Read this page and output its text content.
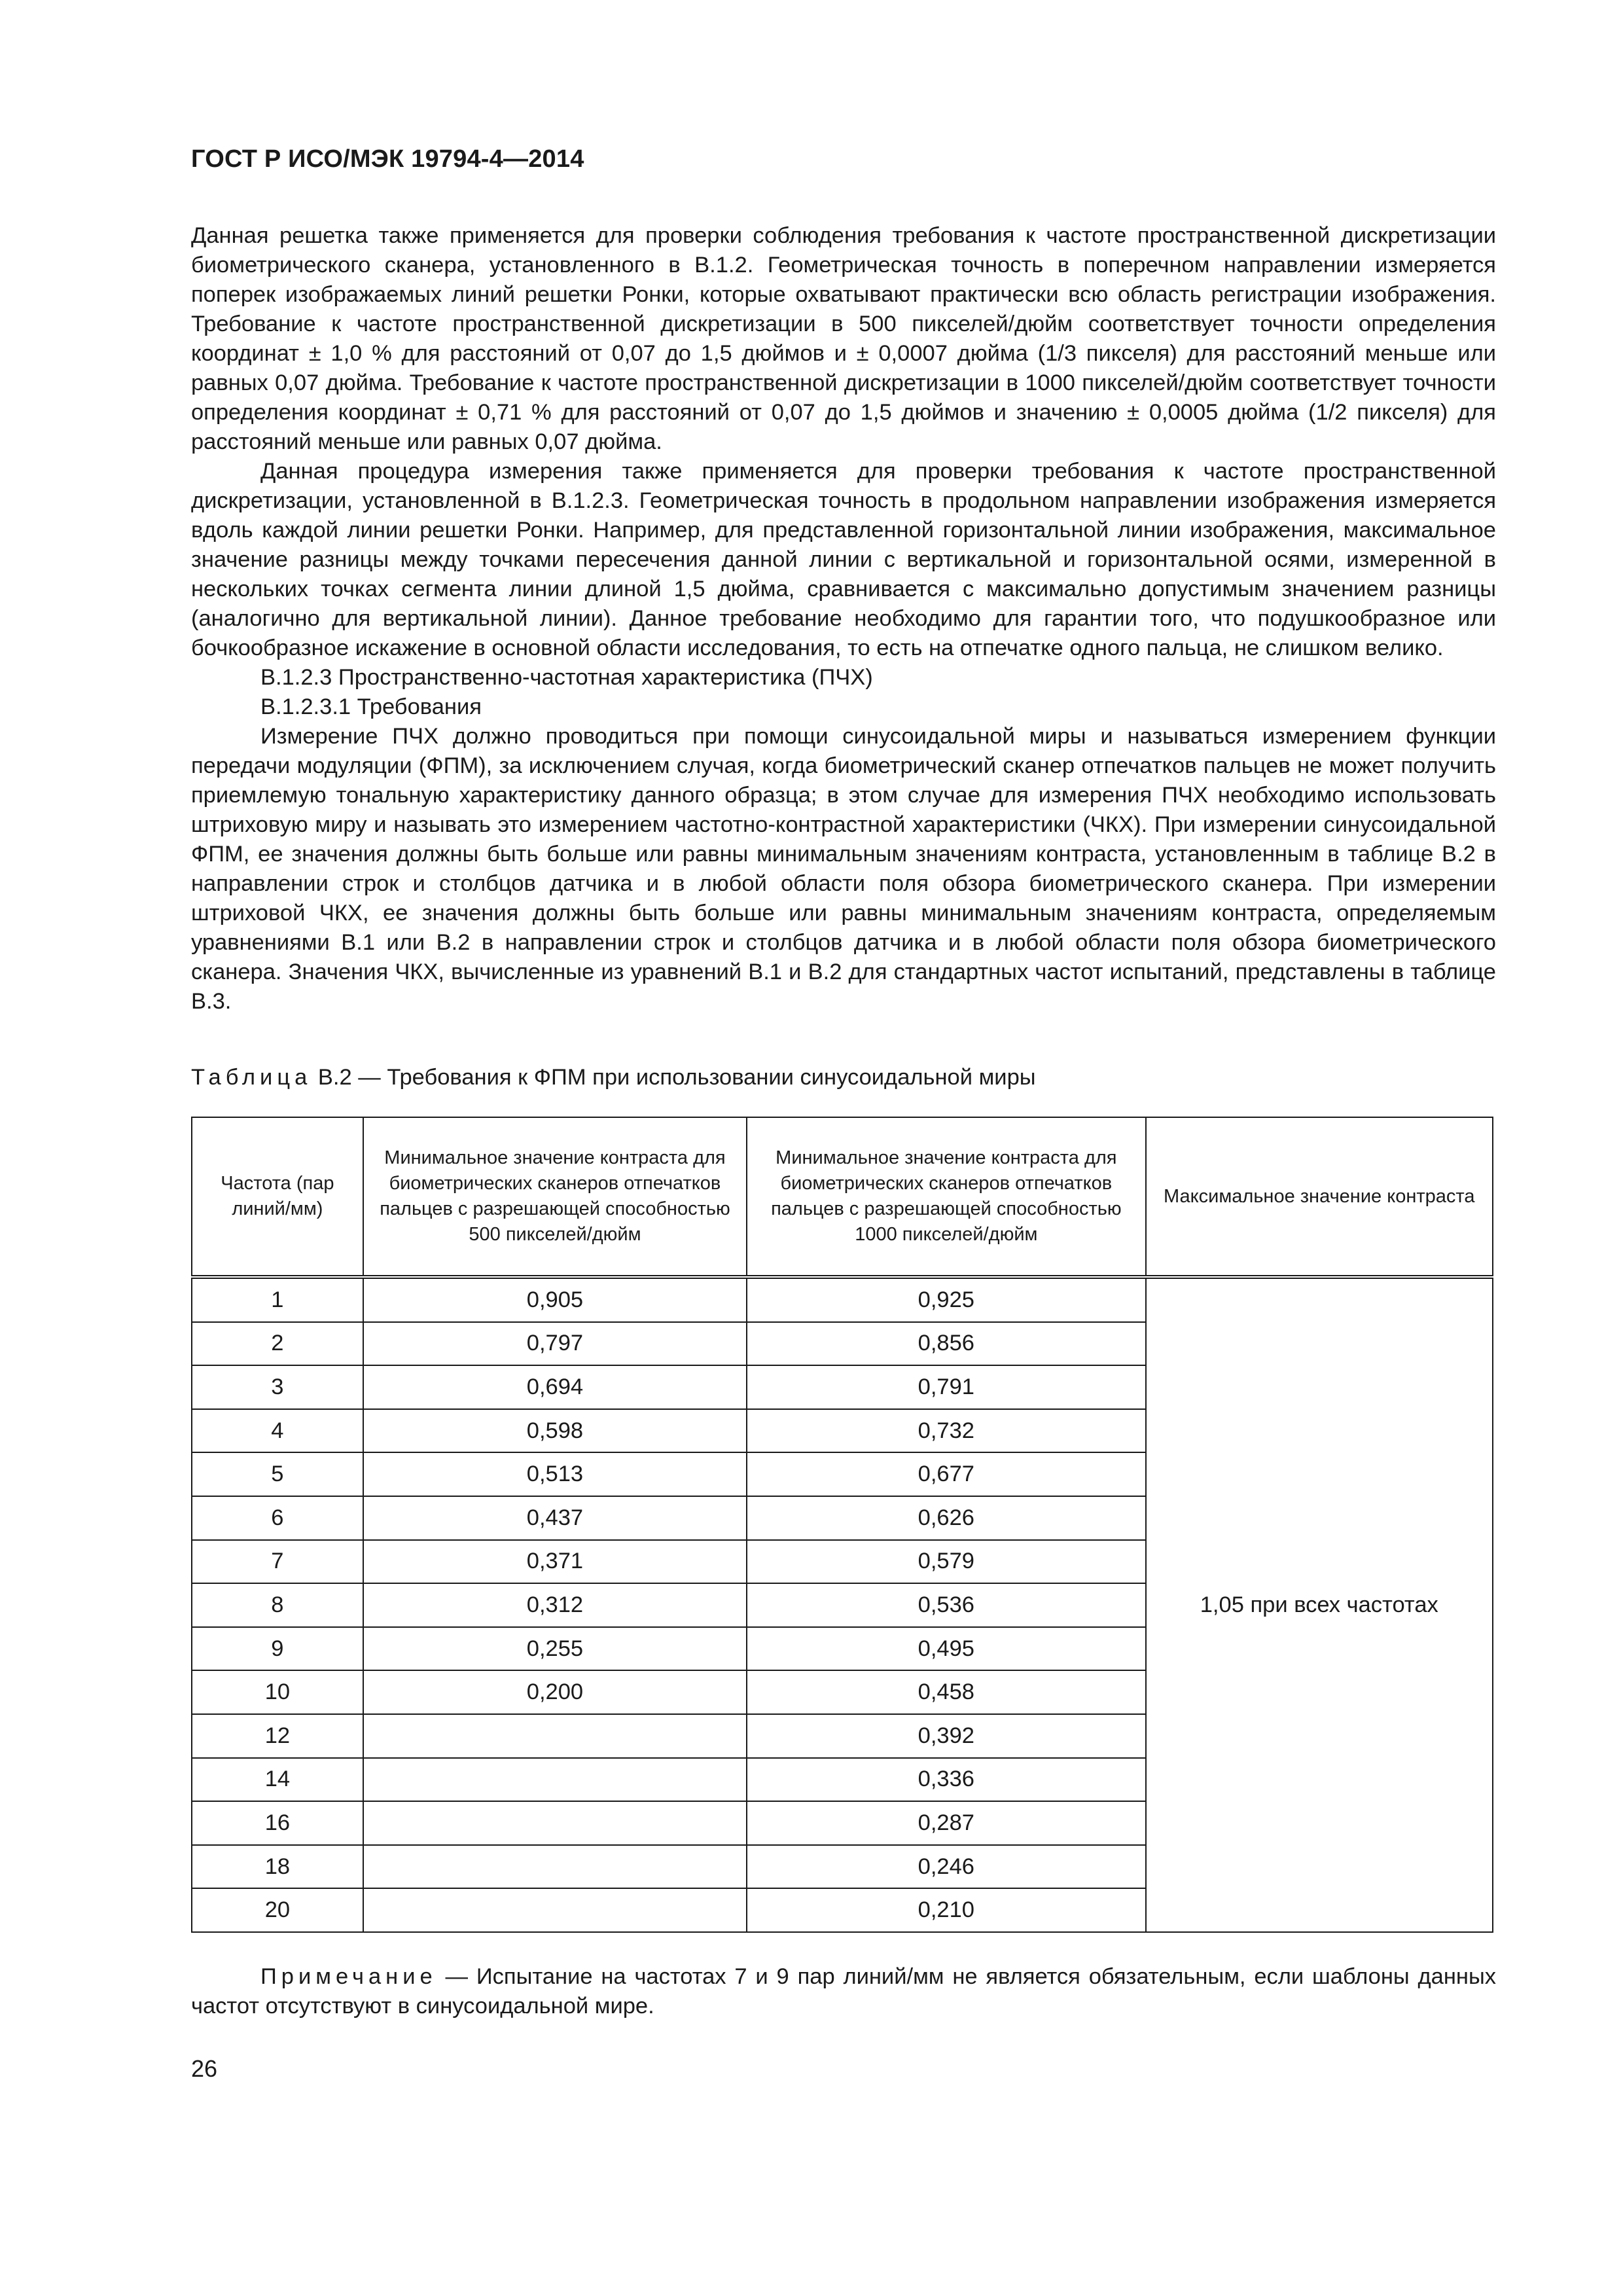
ГОСТ Р ИСО/МЭК 19794-4—2014

Данная решетка также применяется для проверки соблюдения требования к частоте пространственной дискретизации биометрического сканера, установленного в В.1.2. Геометрическая точность в поперечном направлении измеряется поперек изображаемых линий решетки Ронки, которые охватывают практически всю область регистрации изображения. Требование к частоте пространственной дискретизации в 500 пикселей/дюйм соответствует точности определения координат ± 1,0 % для расстояний от 0,07 до 1,5 дюймов и ± 0,0007 дюйма (1/3 пикселя) для расстояний меньше или равных 0,07 дюйма. Требование к частоте пространственной дискретизации в 1000 пикселей/дюйм соответствует точности определения координат ± 0,71 % для расстояний от 0,07 до 1,5 дюймов и значению ± 0,0005 дюйма (1/2 пикселя) для расстояний меньше или равных 0,07 дюйма.

Данная процедура измерения также применяется для проверки требования к частоте пространственной дискретизации, установленной в В.1.2.3. Геометрическая точность в продольном направлении изображения измеряется вдоль каждой линии решетки Ронки. Например, для представленной горизонтальной линии изображения, максимальное значение разницы между точками пересечения данной линии с вертикальной и горизонтальной осями, измеренной в нескольких точках сегмента линии длиной 1,5 дюйма, сравнивается с максимально допустимым значением разницы (аналогично для вертикальной линии). Данное требование необходимо для гарантии того, что подушкообразное или бочкообразное искажение в основной области исследования, то есть на отпечатке одного пальца, не слишком велико.

В.1.2.3 Пространственно-частотная характеристика (ПЧХ)

В.1.2.3.1 Требования

Измерение ПЧХ должно проводиться при помощи синусоидальной миры и называться измерением функции передачи модуляции (ФПМ), за исключением случая, когда биометрический сканер отпечатков пальцев не может получить приемлемую тональную характеристику данного образца; в этом случае для измерения ПЧХ необходимо использовать штриховую миру и называть это измерением частотно-контрастной характеристики (ЧКХ). При измерении синусоидальной ФПМ, ее значения должны быть больше или равны минимальным значениям контраста, установленным в таблице В.2 в направлении строк и столбцов датчика и в любой области поля обзора биометрического сканера. При измерении штриховой ЧКХ, ее значения должны быть больше или равны минимальным значениям контраста, определяемым уравнениями В.1 или В.2 в направлении строк и столбцов датчика и в любой области поля обзора биометрического сканера. Значения ЧКХ, вычисленные из уравнений В.1 и В.2 для стандартных частот испытаний, представлены в таблице В.3.

Таблица В.2 — Требования к ФПМ при использовании синусоидальной миры
Частота (пар линий/мм)	Минимальное значение контраста для биометрических сканеров отпечатков пальцев с разрешающей способностью 500 пикселей/дюйм	Минимальное значение контраста для биометрических сканеров отпечатков пальцев с разрешающей способностью 1000 пикселей/дюйм	Максимальное значение контраста
1	0,905	0,925	1,05 при всех частотах
2	0,797	0,856	
3	0,694	0,791	
4	0,598	0,732	
5	0,513	0,677	
6	0,437	0,626	
7	0,371	0,579	
8	0,312	0,536	
9	0,255	0,495	
10	0,200	0,458	
12		0,392	
14		0,336	
16		0,287	
18		0,246	
20		0,210	

Примечание — Испытание на частотах 7 и 9 пар линий/мм не является обязательным, если шаблоны данных частот отсутствуют в синусоидальной мире.

26
